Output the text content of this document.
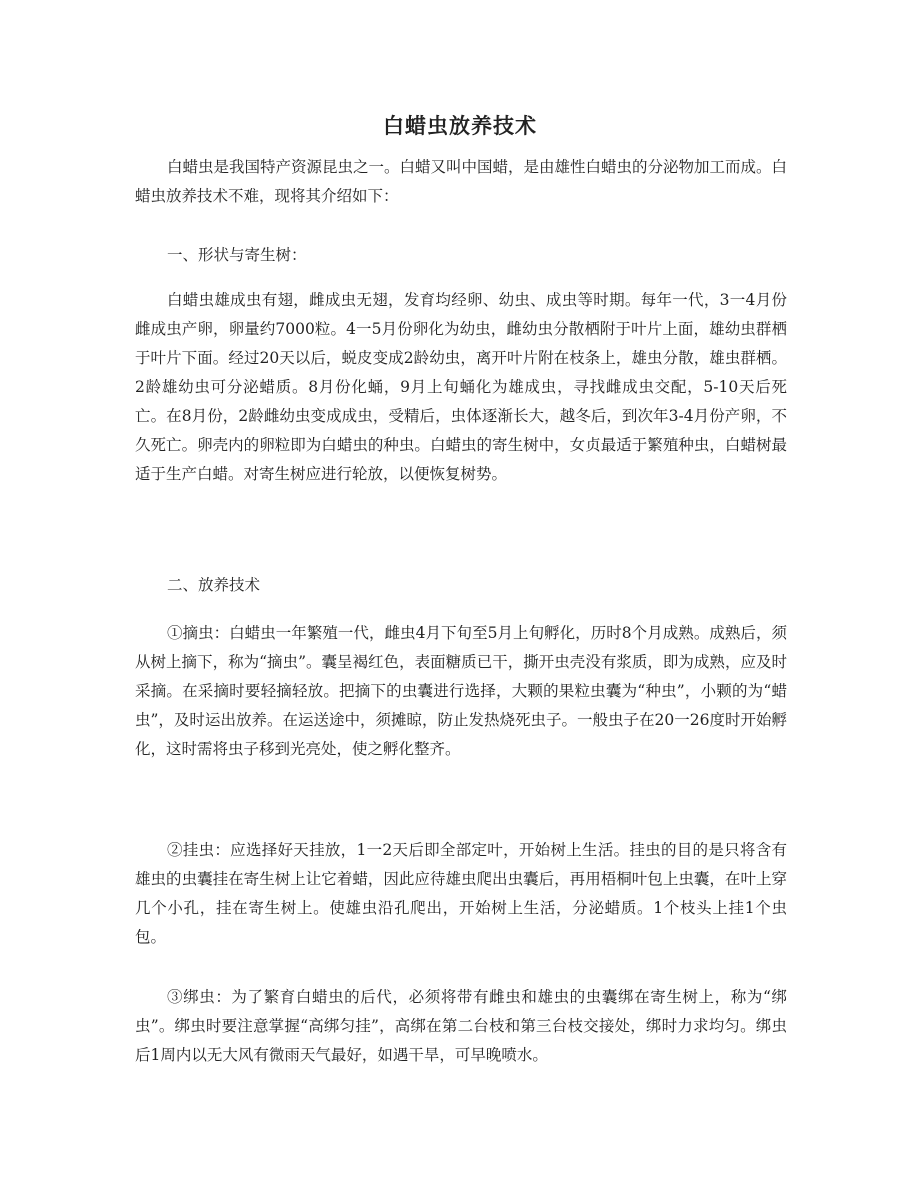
白蜡虫放养技术

白蜡虫是我国特产资源昆虫之一。白蜡又叫中国蜡，是由雄性白蜡虫的分泌物加工而成。白蜡虫放养技术不难，现将其介绍如下：

一、形状与寄生树：

白蜡虫雄成虫有翅，雌成虫无翅，发育均经卵、幼虫、成虫等时期。每年一代，3一4月份雌成虫产卵，卵量约7000粒。4一5月份卵化为幼虫，雌幼虫分散栖附于叶片上面，雄幼虫群栖于叶片下面。经过20天以后，蜕皮变成2龄幼虫，离开叶片附在枝条上，雄虫分散，雄虫群栖。2龄雄幼虫可分泌蜡质。8月份化蛹，9月上旬蛹化为雄成虫，寻找雌成虫交配，5-10天后死亡。在8月份，2龄雌幼虫变成成虫，受精后，虫体逐渐长大，越冬后，到次年3-4月份产卵，不久死亡。卵壳内的卵粒即为白蜡虫的种虫。白蜡虫的寄生树中，女贞最适于繁殖种虫，白蜡树最适于生产白蜡。对寄生树应进行轮放，以便恢复树势。

二、放养技术

①摘虫：白蜡虫一年繁殖一代，雌虫4月下旬至5月上旬孵化，历时8个月成熟。成熟后，须从树上摘下，称为“摘虫”。囊呈褐红色，表面糖质已干，撕开虫壳没有浆质，即为成熟，应及时采摘。在采摘时要轻摘轻放。把摘下的虫囊进行选择，大颗的果粒虫囊为“种虫”，小颗的为“蜡虫”，及时运出放养。在运送途中，须摊晾，防止发热烧死虫子。一般虫子在20一26度时开始孵化，这时需将虫子移到光亮处，使之孵化整齐。

②挂虫：应选择好天挂放，1一2天后即全部定叶，开始树上生活。挂虫的目的是只将含有雄虫的虫囊挂在寄生树上让它着蜡，因此应待雄虫爬出虫囊后，再用梧桐叶包上虫囊，在叶上穿几个小孔，挂在寄生树上。使雄虫沿孔爬出，开始树上生活，分泌蜡质。1个枝头上挂1个虫包。

③绑虫：为了繁育白蜡虫的后代，必须将带有雌虫和雄虫的虫囊绑在寄生树上，称为“绑虫”。绑虫时要注意掌握“高绑匀挂”，高绑在第二台枝和第三台枝交接处，绑时力求均匀。绑虫后1周内以无大风有微雨天气最好，如遇干旱，可早晚喷水。
